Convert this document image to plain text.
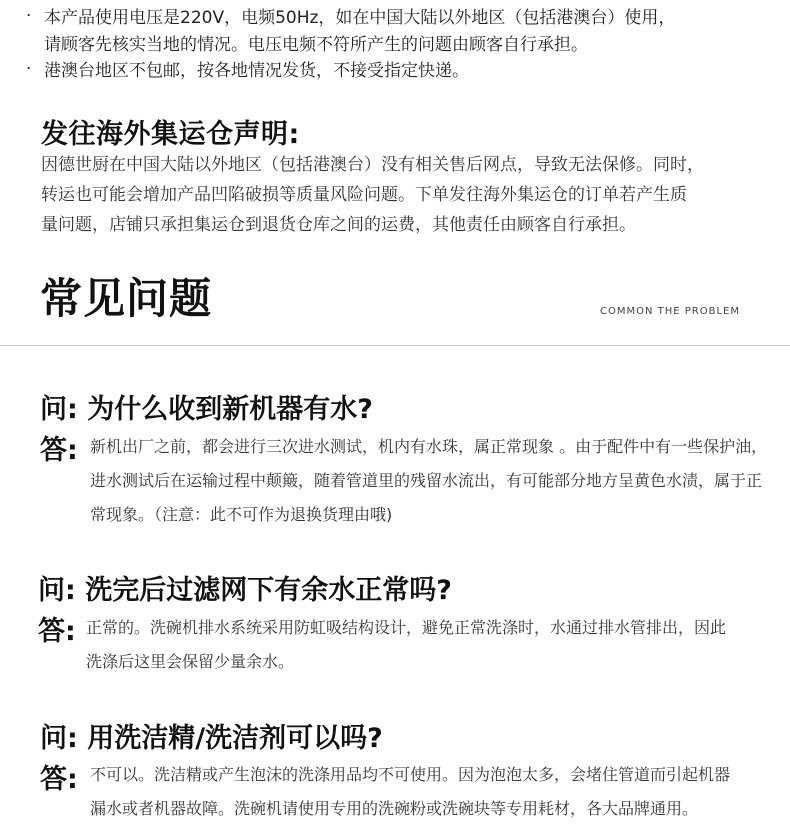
· 本产品使用电压是220V，电频50Hz，如在中国大陆以外地区（包括港澳台）使用，
请顾客先核实当地的情况。电压电频不符所产生的问题由顾客自行承担。
· 港澳台地区不包邮，按各地情况发货，不接受指定快递。
发往海外集运仓声明:
因德世厨在中国大陆以外地区（包括港澳台）没有相关售后网点，导致无法保修。同时，
转运也可能会增加产品凹陷破损等质量风险问题。下单发往海外集运仓的订单若产生质
量问题，店铺只承担集运仓到退货仓库之间的运费，其他责任由顾客自行承担。
常见问题	COMMON THE PROBLEM
问: 为什么收到新机器有水?
答: 新机出厂之前，都会进行三次进水测试，机内有水珠，属正常现象 。由于配件中有一些保护油，
进水测试后在运输过程中颠簸，随着管道里的残留水流出，有可能部分地方呈黄色水渍，属于正
常现象。（注意：此不可作为退换货理由哦)
问: 洗完后过滤网下有余水正常吗?
答: 正常的。洗碗机排水系统采用防虹吸结构设计，避免正常洗涤时，水通过排水管排出，因此
洗涤后这里会保留少量余水。
问: 用洗洁精/洗洁剂可以吗?
答: 不可以。洗洁精或产生泡沫的洗涤用品均不可使用。因为泡泡太多，会堵住管道而引起机器
漏水或者机器故障。洗碗机请使用专用的洗碗粉或洗碗块等专用耗材，各大品牌通用。
